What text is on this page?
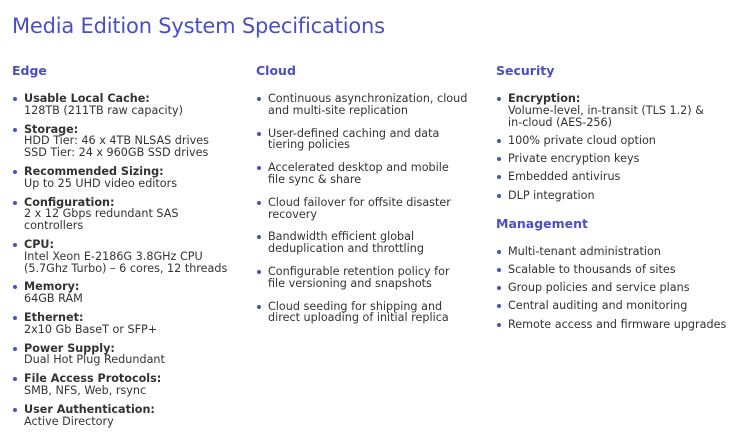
Media Edition System Specifications
Edge
Usable Local Cache:
128TB (211TB raw capacity)
Storage:
HDD Tier: 46 x 4TB NLSAS drives
SSD Tier: 24 x 960GB SSD drives
Recommended Sizing:
Up to 25 UHD video editors
Configuration:
2 x 12 Gbps redundant SAS
controllers
CPU:
Intel Xeon E-2186G 3.8GHz CPU
(5.7Ghz Turbo) – 6 cores, 12 threads
Memory:
64GB RAM
Ethernet:
2x10 Gb BaseT or SFP+
Power Supply:
Dual Hot Plug Redundant
File Access Protocols:
SMB, NFS, Web, rsync
User Authentication:
Active Directory
Cloud
Continuous asynchronization, cloud
and multi-site replication
User-defined caching and data
tiering policies
Accelerated desktop and mobile
file sync & share
Cloud failover for offsite disaster
recovery
Bandwidth efficient global
deduplication and throttling
Configurable retention policy for
file versioning and snapshots
Cloud seeding for shipping and
direct uploading of initial replica
Security
Encryption:
Volume-level, in-transit (TLS 1.2) &
in-cloud (AES-256)
100% private cloud option
Private encryption keys
Embedded antivirus
DLP integration
Management
Multi-tenant administration
Scalable to thousands of sites
Group policies and service plans
Central auditing and monitoring
Remote access and firmware upgrades
